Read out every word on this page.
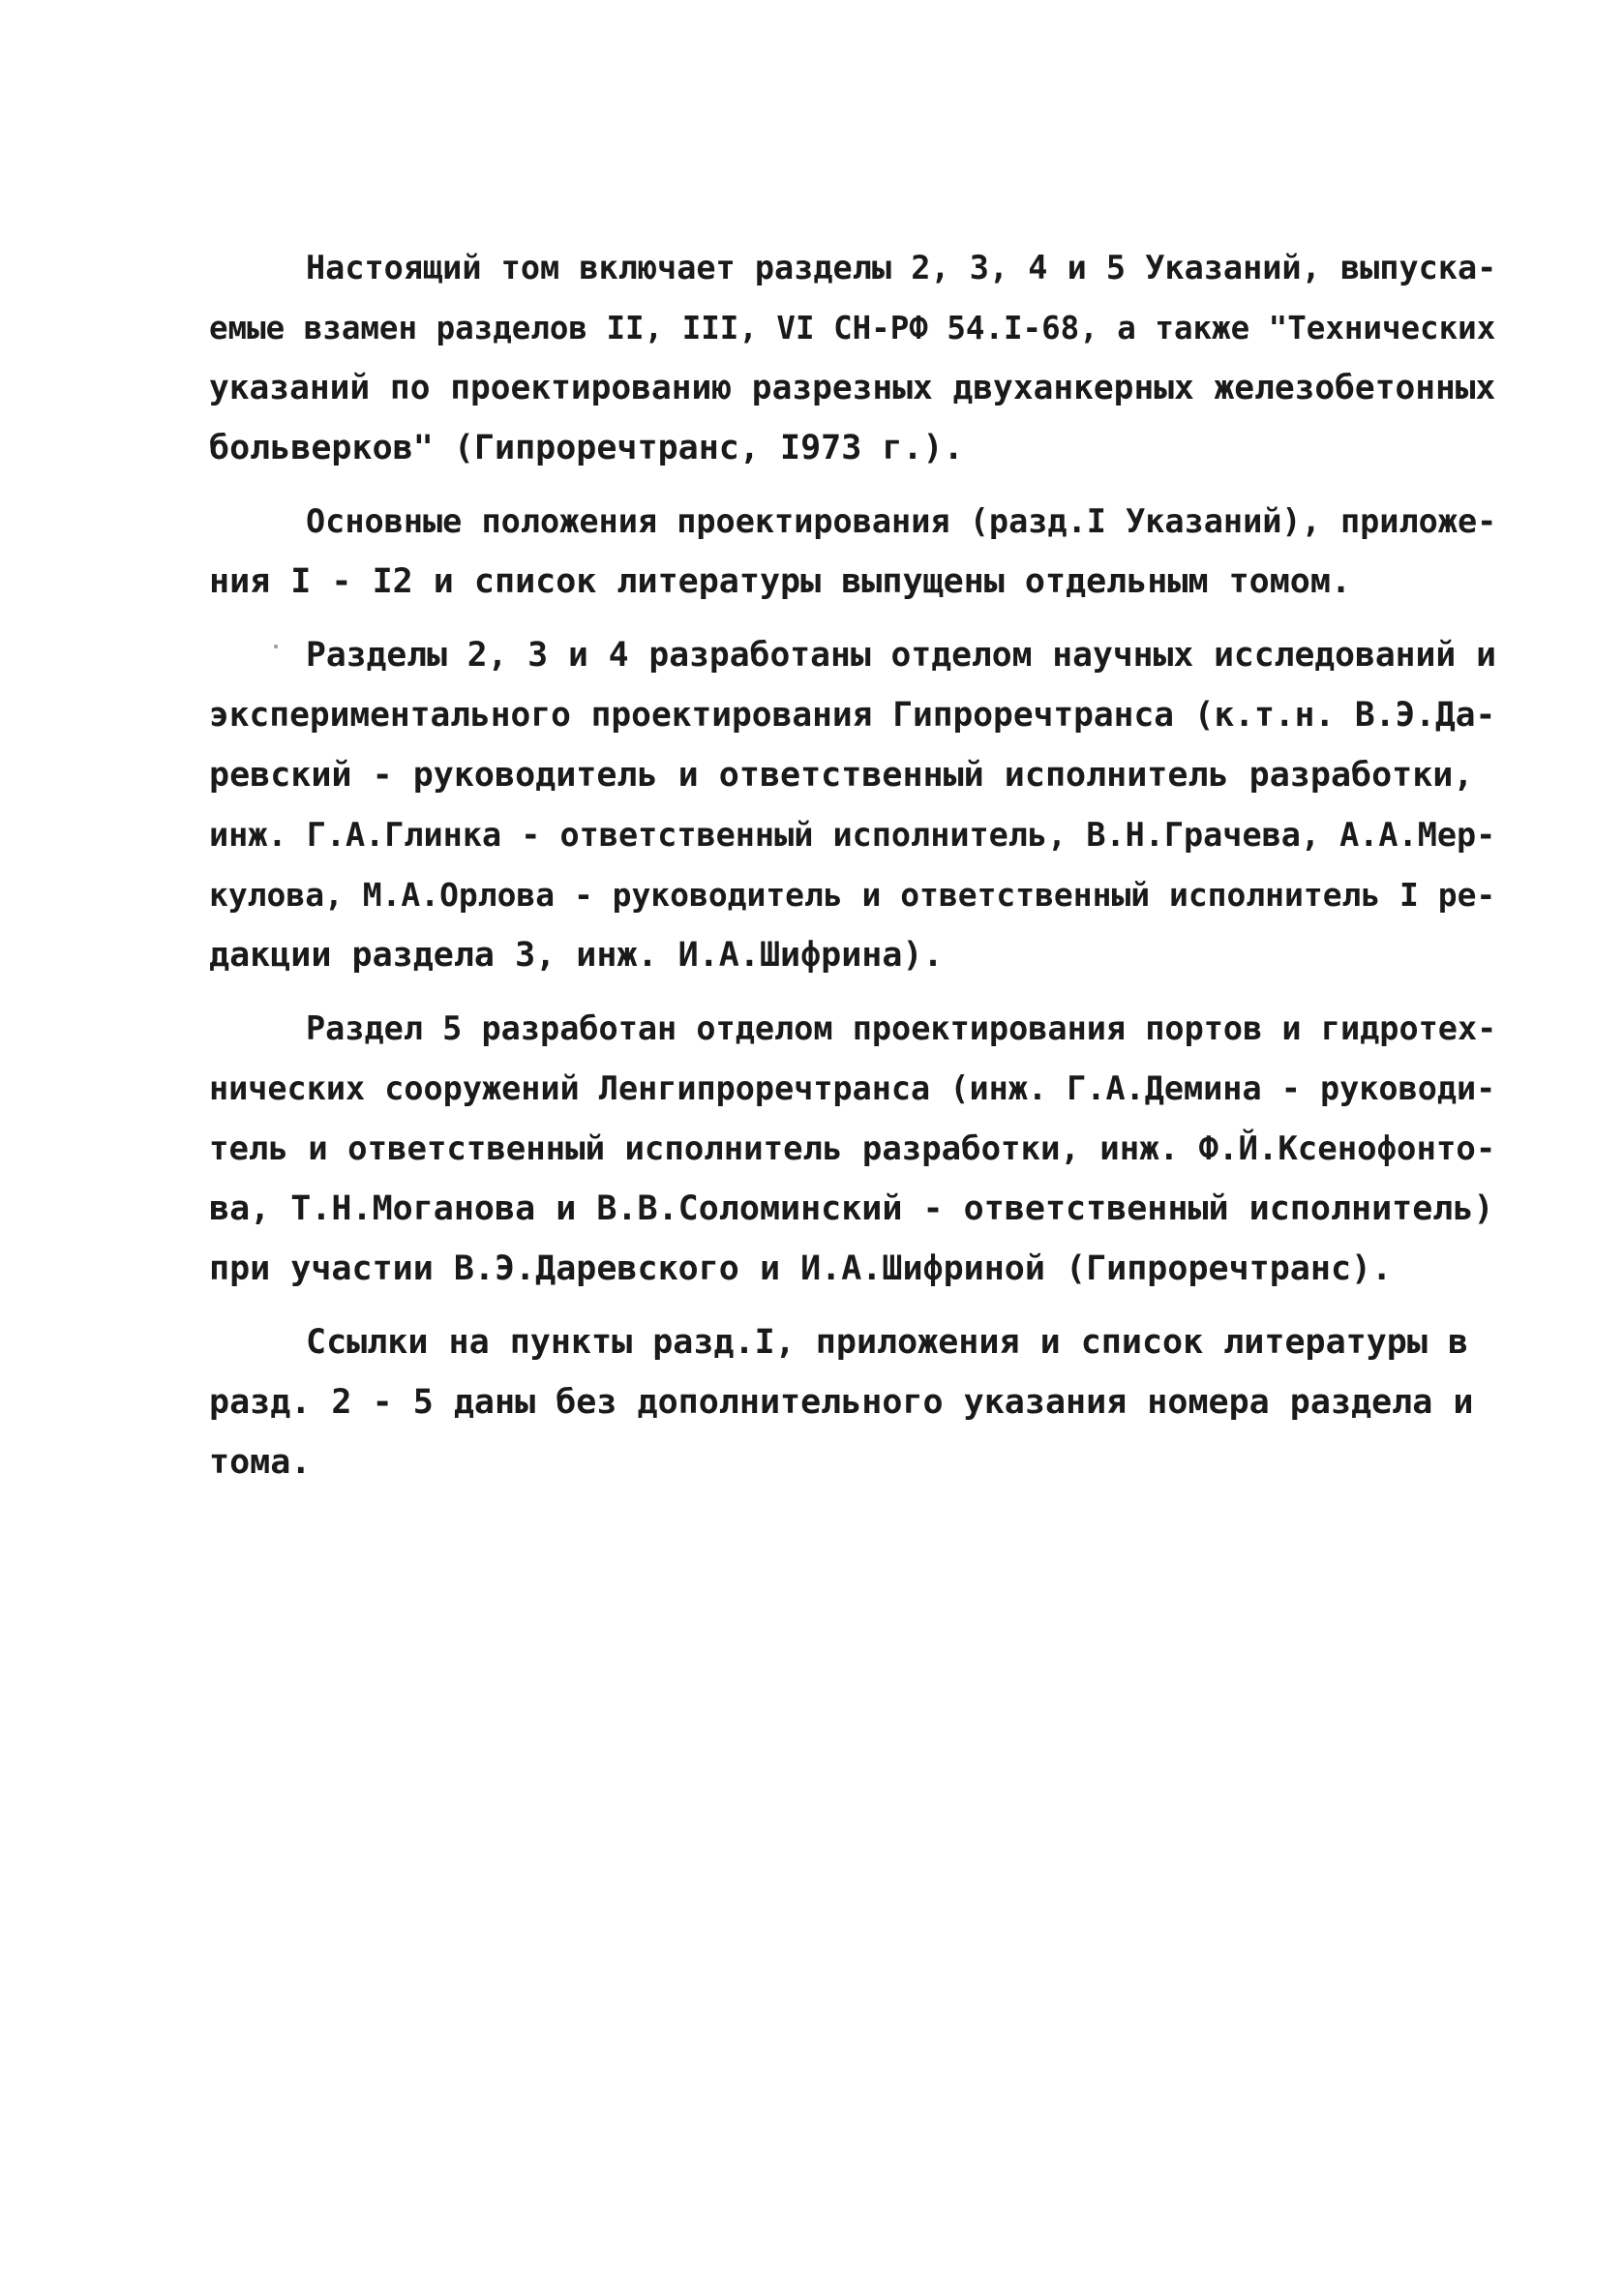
Настоящий том включает разделы 2, 3, 4 и 5 Указаний, выпуска-
емые взамен разделов II, III, VI СН-РФ 54.I-68, а также "Технических
указаний по проектированию разрезных двуханкерных железобетонных
больверков" (Гипроречтранс, I973 г.).
Основные положения проектирования (разд.I Указаний), приложе-
ния I - I2 и список литературы выпущены отдельным томом.
Разделы 2, 3 и 4 разработаны отделом научных исследований и
экспериментального проектирования Гипроречтранса (к.т.н. В.Э.Да-
ревский - руководитель и ответственный исполнитель разработки,
инж. Г.А.Глинка - ответственный исполнитель, В.Н.Грачева, А.А.Мер-
кулова, М.А.Орлова - руководитель и ответственный исполнитель I ре-
дакции раздела 3, инж. И.А.Шифрина).
Раздел 5 разработан отделом проектирования портов и гидротех-
нических сооружений Ленгипроречтранса (инж. Г.А.Демина - руководи-
тель и ответственный исполнитель разработки, инж. Ф.Й.Ксенофонто-
ва, Т.Н.Моганова и В.В.Соломинский - ответственный исполнитель)
при участии В.Э.Даревского и И.А.Шифриной (Гипроречтранс).
Ссылки на пункты разд.I, приложения и список литературы в
разд. 2 - 5 даны без дополнительного указания номера раздела и
тома.
